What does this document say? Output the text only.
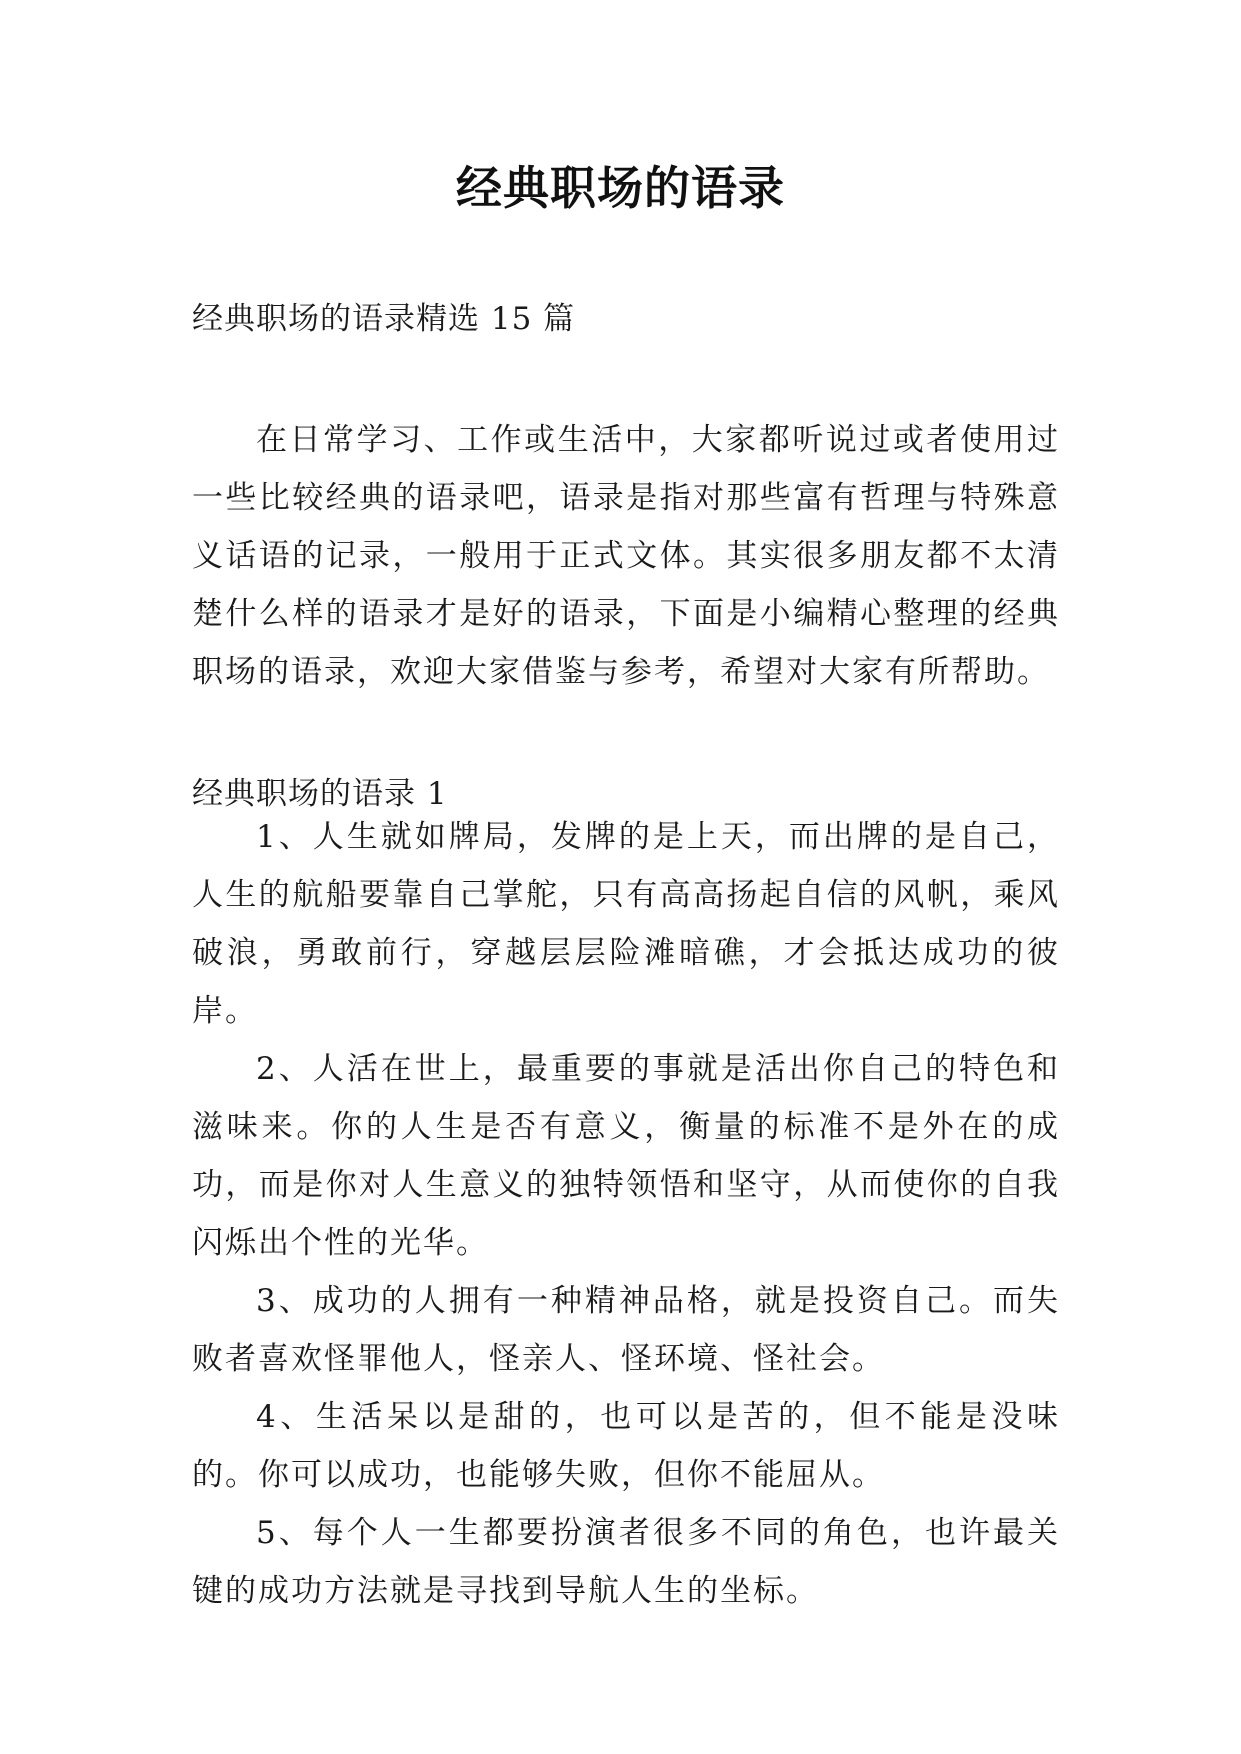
经典职场的语录

经典职场的语录精选 15 篇

在日常学习、工作或生活中，大家都听说过或者使用过一些比较经典的语录吧，语录是指对那些富有哲理与特殊意义话语的记录，一般用于正式文体。其实很多朋友都不太清楚什么样的语录才是好的语录，下面是小编精心整理的经典职场的语录，欢迎大家借鉴与参考，希望对大家有所帮助。

经典职场的语录 1

1、人生就如牌局，发牌的是上天，而出牌的是自己，人生的航船要靠自己掌舵，只有高高扬起自信的风帆，乘风破浪，勇敢前行，穿越层层险滩暗礁，才会抵达成功的彼岸。

2、人活在世上，最重要的事就是活出你自己的特色和滋味来。你的人生是否有意义，衡量的标准不是外在的成功，而是你对人生意义的独特领悟和坚守，从而使你的自我闪烁出个性的光华。

3、成功的人拥有一种精神品格，就是投资自己。而失败者喜欢怪罪他人，怪亲人、怪环境、怪社会。

4、生活呆以是甜的，也可以是苦的，但不能是没味的。你可以成功，也能够失败，但你不能屈从。

5、每个人一生都要扮演者很多不同的角色，也许最关键的成功方法就是寻找到导航人生的坐标。
